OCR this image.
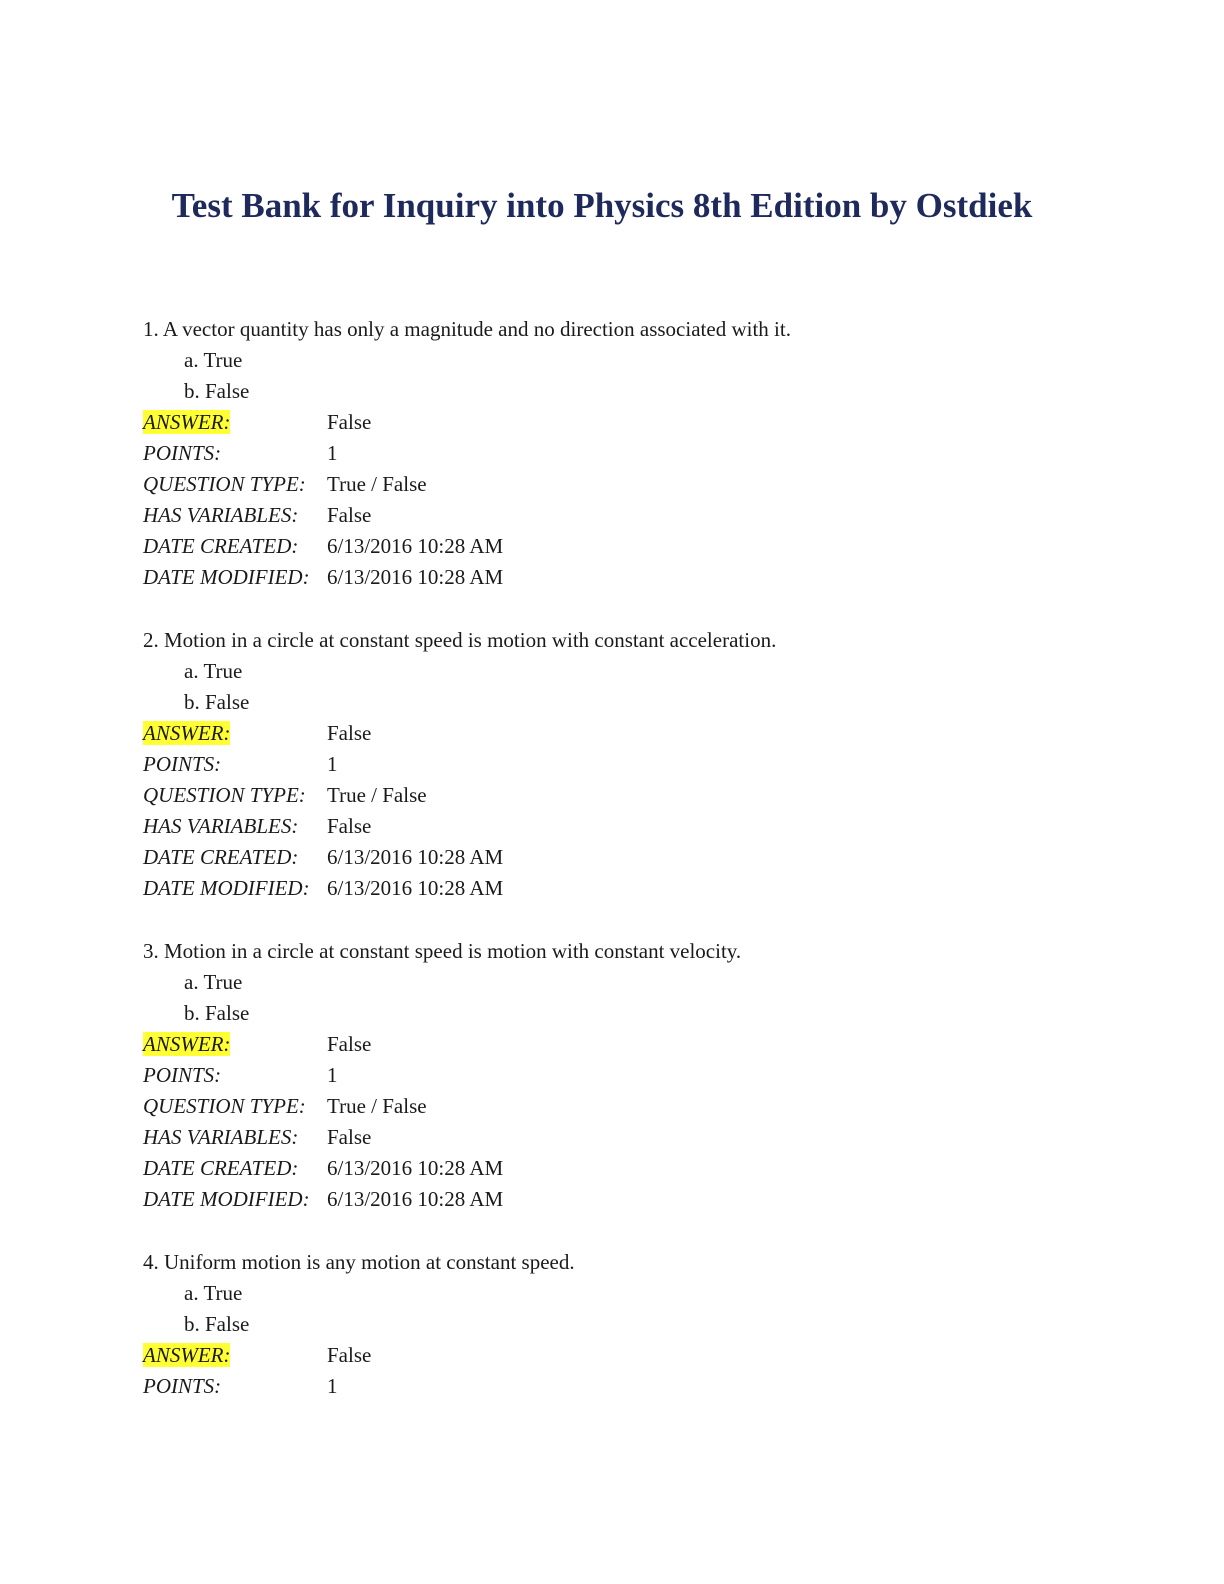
Test Bank for Inquiry into Physics 8th Edition by Ostdiek
1. A vector quantity has only a magnitude and no direction associated with it.
a. True
b. False
ANSWER:	False
POINTS:	1
QUESTION TYPE:	True / False
HAS VARIABLES:	False
DATE CREATED:	6/13/2016 10:28 AM
DATE MODIFIED: 6/13/2016 10:28 AM
2. Motion in a circle at constant speed is motion with constant acceleration.
a. True
b. False
ANSWER:	False
POINTS:	1
QUESTION TYPE:	True / False
HAS VARIABLES:	False
DATE CREATED:	6/13/2016 10:28 AM
DATE MODIFIED: 6/13/2016 10:28 AM
3. Motion in a circle at constant speed is motion with constant velocity.
a. True
b. False
ANSWER:	False
POINTS:	1
QUESTION TYPE:	True / False
HAS VARIABLES:	False
DATE CREATED:	6/13/2016 10:28 AM
DATE MODIFIED: 6/13/2016 10:28 AM
4. Uniform motion is any motion at constant speed.
a. True
b. False
ANSWER:	False
POINTS:	1
